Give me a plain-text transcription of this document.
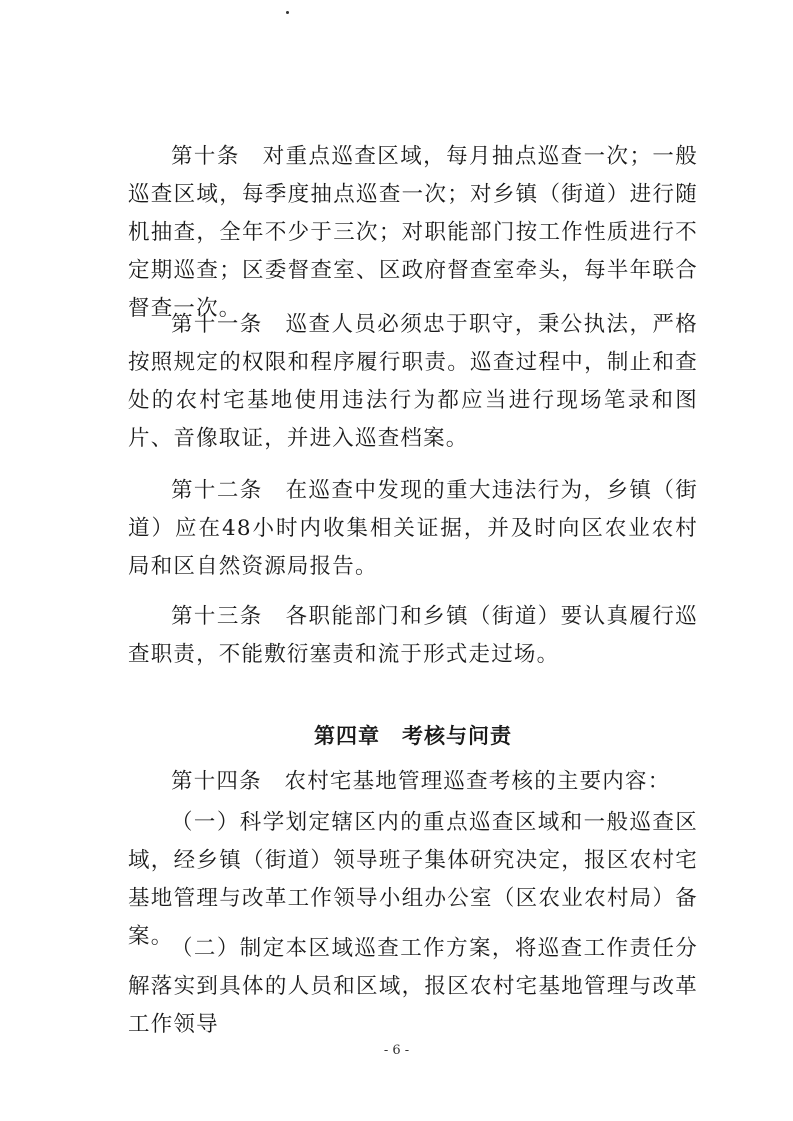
第十条　对重点巡查区域，每月抽点巡查一次；一般巡查区域，每季度抽点巡查一次；对乡镇（街道）进行随机抽查，全年不少于三次；对职能部门按工作性质进行不定期巡查；区委督查室、区政府督查室牵头，每半年联合督查一次。

第十一条　巡查人员必须忠于职守，秉公执法，严格按照规定的权限和程序履行职责。巡查过程中，制止和查处的农村宅基地使用违法行为都应当进行现场笔录和图片、音像取证，并进入巡查档案。

第十二条　在巡查中发现的重大违法行为，乡镇（街道）应在48小时内收集相关证据，并及时向区农业农村局和区自然资源局报告。

第十三条　各职能部门和乡镇（街道）要认真履行巡查职责，不能敷衍塞责和流于形式走过场。

第四章　考核与问责

第十四条　农村宅基地管理巡查考核的主要内容：

（一）科学划定辖区内的重点巡查区域和一般巡查区域，经乡镇（街道）领导班子集体研究决定，报区农村宅基地管理与改革工作领导小组办公室（区农业农村局）备案。

（二）制定本区域巡查工作方案，将巡查工作责任分解落实到具体的人员和区域，报区农村宅基地管理与改革工作领导

- 6 -
